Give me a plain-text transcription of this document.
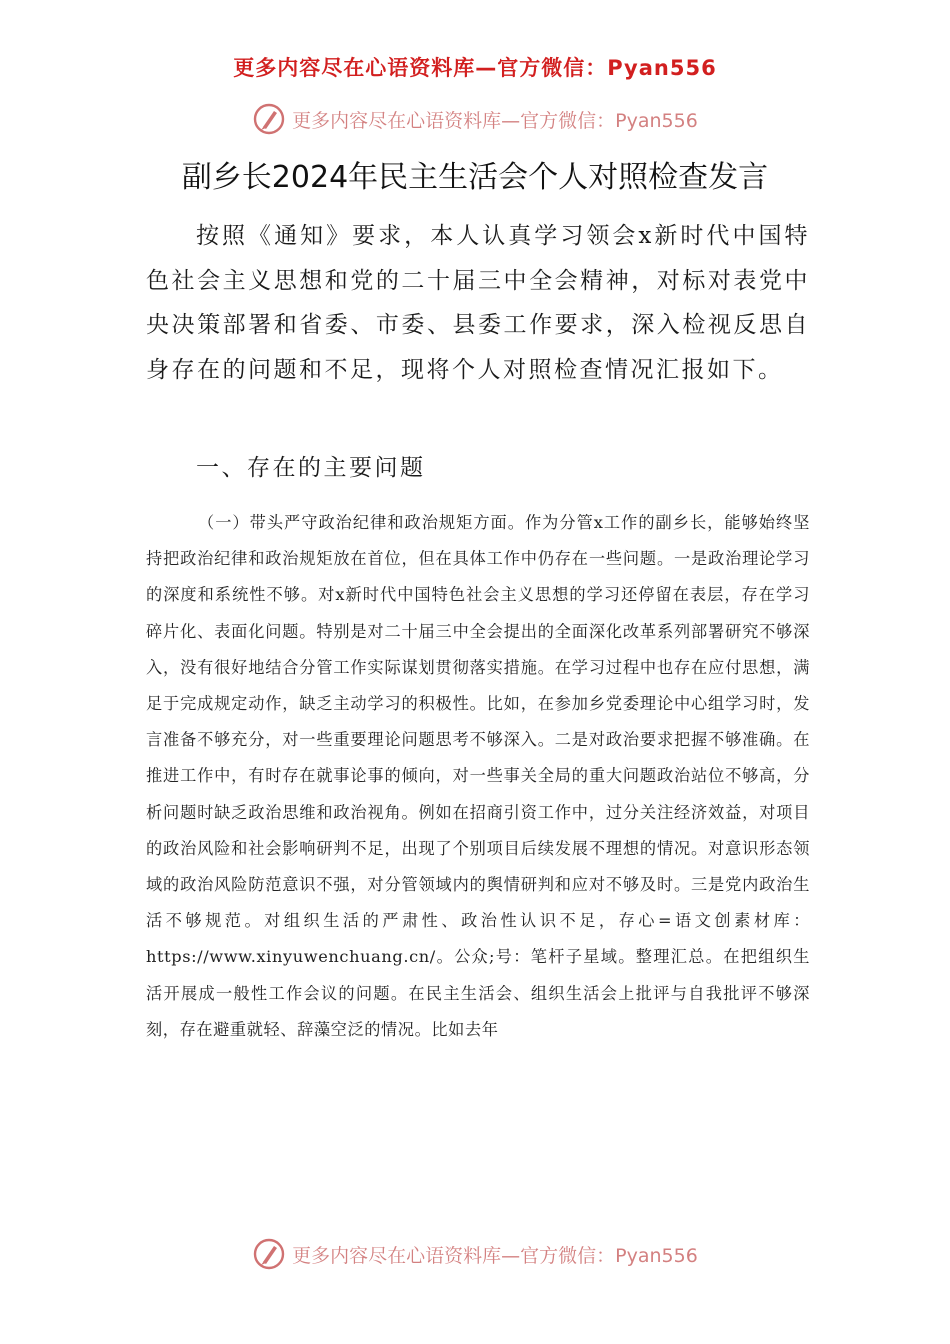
更多内容尽在心语资料库—官方微信：Pyan556
更多内容尽在心语资料库—官方微信：Pyan556
副乡长2024年民主生活会个人对照检查发言

按照《通知》要求，本人认真学习领会x新时代中国特色社会主义思想和党的二十届三中全会精神，对标对表党中央决策部署和省委、市委、县委工作要求，深入检视反思自身存在的问题和不足，现将个人对照检查情况汇报如下。

一、存在的主要问题

（一）带头严守政治纪律和政治规矩方面。作为分管x工作的副乡长，能够始终坚持把政治纪律和政治规矩放在首位，但在具体工作中仍存在一些问题。一是政治理论学习的深度和系统性不够。对x新时代中国特色社会主义思想的学习还停留在表层，存在学习碎片化、表面化问题。特别是对二十届三中全会提出的全面深化改革系列部署研究不够深入，没有很好地结合分管工作实际谋划贯彻落实措施。在学习过程中也存在应付思想，满足于完成规定动作，缺乏主动学习的积极性。比如，在参加乡党委理论中心组学习时，发言准备不够充分，对一些重要理论问题思考不够深入。二是对政治要求把握不够准确。在推进工作中，有时存在就事论事的倾向，对一些事关全局的重大问题政治站位不够高，分析问题时缺乏政治思维和政治视角。例如在招商引资工作中，过分关注经济效益，对项目的政治风险和社会影响研判不足，出现了个别项目后续发展不理想的情况。对意识形态领域的政治风险防范意识不强，对分管领域内的舆情研判和应对不够及时。三是党内政治生活不够规范。对组织生活的严肃性、政治性认识不足，存心=语文创素材库：https://www.xinyuwenchuang.cn/。公众;号：笔杆子星域。整理汇总。在把组织生活开展成一般性工作会议的问题。在民主生活会、组织生活会上批评与自我批评不够深刻，存在避重就轻、辞藻空泛的情况。比如去年

更多内容尽在心语资料库—官方微信：Pyan556
